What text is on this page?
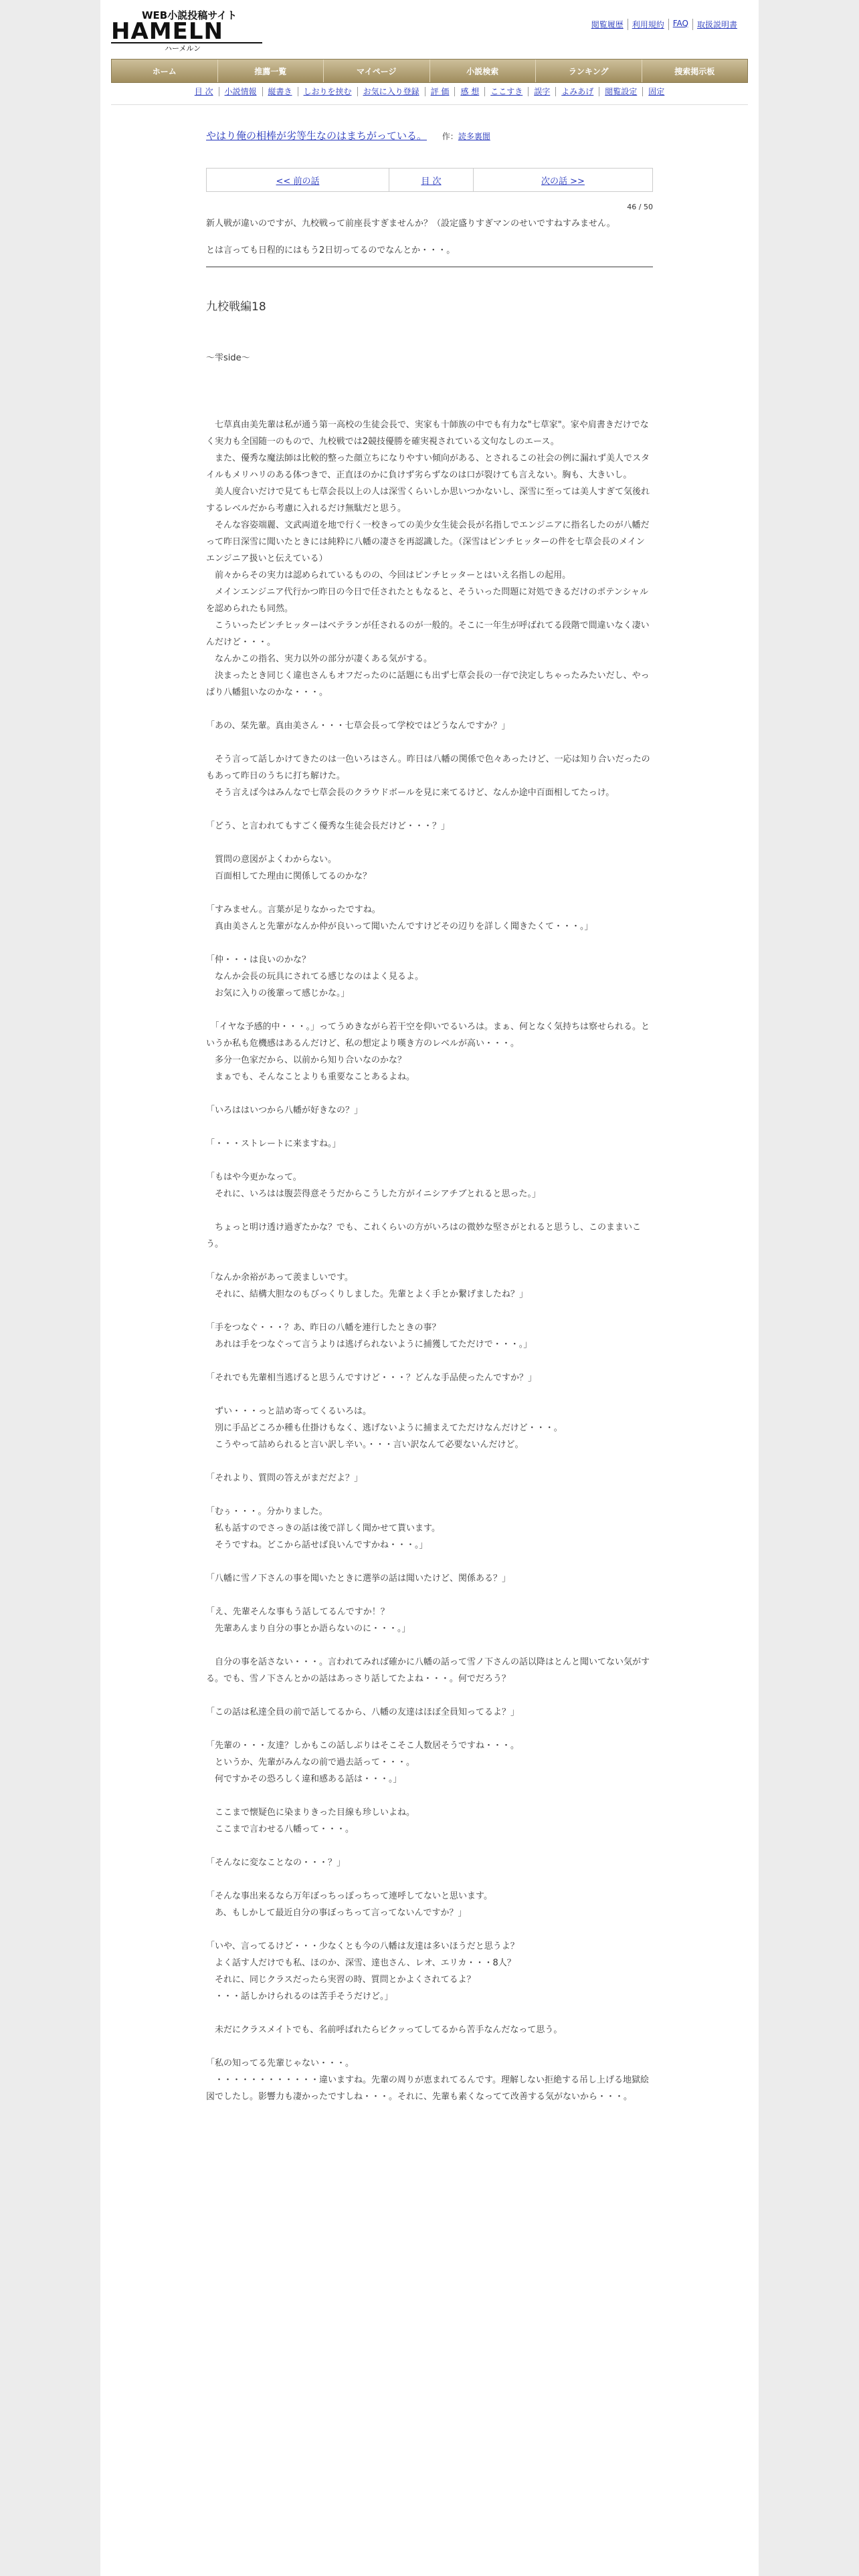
WEB小説投稿サイト
HAMELN
ハーメルン
閲覧履歴	利用規約	FAQ	取扱説明書
ホーム	推薦一覧	マイページ	小説検索	ランキング	捜索掲示板
目 次	小説情報	縦書き	しおりを挟む	お気に入り登録	評 価	感 想	ここすき	誤字	よみあげ	閲覧設定	固定
やはり俺の相棒が劣等生なのはまちがっている。 作：読多裏闇
<< 前の話	目 次	次の話 >>
46 / 50

新人戦が違いのですが、九校戦って前座長すぎませんか？（設定盛りすぎマンのせいですねすみません。

とは言っても日程的にはもう2日切ってるのでなんとか・・・。

九校戦編18

〜雫side〜

　七草真由美先輩は私が通う第一高校の生徒会長で、実家も十師族の中でも有力な"七草家"。家や肩書きだけでなく実力も全国随一のもので、九校戦では2競技優勝を確実視されている文句なしのエース。

　また、優秀な魔法師は比較的整った顔立ちになりやすい傾向がある、とされるこの社会の例に漏れず美人でスタイルもメリハリのある体つきで、正直ほのかに負けず劣らずなのは口が裂けても言えない。胸も、大きいし。

　美人度合いだけで見ても七草会長以上の人は深雪くらいしか思いつかないし、深雪に至っては美人すぎて気後れするレベルだから考慮に入れるだけ無駄だと思う。

　そんな容姿端麗、文武両道を地で行く一校きっての美少女生徒会長が名指しでエンジニアに指名したのが八幡だって昨日深雪に聞いたときには純粋に八幡の凄さを再認識した。（深雪はピンチヒッターの件を七草会長のメインエンジニア扱いと伝えている）

　前々からその実力は認められているものの、今回はピンチヒッターとはいえ名指しの起用。

　メインエンジニア代行かつ昨日の今日で任されたともなると、そういった問題に対処できるだけのポテンシャルを認められたも同然。

　こういったピンチヒッターはベテランが任されるのが一般的。そこに一年生が呼ばれてる段階で間違いなく凄いんだけど・・・。

　なんかこの指名、実力以外の部分が凄くある気がする。

　決まったとき同じく違也さんもオフだったのに話題にも出ず七草会長の一存で決定しちゃったみたいだし、やっぱり八幡狙いなのかな・・・。

「あの、栞先輩。真由美さん・・・七草会長って学校ではどうなんですか？」

　そう言って話しかけてきたのは一色いろはさん。昨日は八幡の関係で色々あったけど、一応は知り合いだったのもあって昨日のうちに打ち解けた。

　そう言えば今はみんなで七草会長のクラウドボールを見に来てるけど、なんか途中百面相してたっけ。

「どう、と言われてもすごく優秀な生徒会長だけど・・・？」

　質問の意図がよくわからない。

　百面相してた理由に関係してるのかな？

「すみません。言葉が足りなかったですね。

　真由美さんと先輩がなんか仲が良いって聞いたんですけどその辺りを詳しく聞きたくて・・・。」

「仲・・・は良いのかな？

　なんか会長の玩具にされてる感じなのはよく見るよ。

　お気に入りの後輩って感じかな。」

　「イヤな予感的中・・・。」ってうめきながら若干空を仰いでるいろは。まぁ、何となく気持ちは察せられる。というか私も危機感はあるんだけど、私の想定より嘆き方のレベルが高い・・・。

　多分一色家だから、以前から知り合いなのかな？

　まぁでも、そんなことよりも重要なことあるよね。

「いろははいつから八幡が好きなの？」

「・・・ストレートに来ますね。」

「もはや今更かなって。

　それに、いろはは腹芸得意そうだからこうした方がイニシアチブとれると思った。」

　ちょっと明け透け過ぎたかな？でも、これくらいの方がいろはの微妙な堅さがとれると思うし、このままいこう。

「なんか余裕があって羨ましいです。

　それに、結構大胆なのもびっくりしました。先輩とよく手とか繋げましたね？」

「手をつなぐ・・・？あ、昨日の八幡を連行したときの事？

　あれは手をつなぐって言うよりは逃げられないように捕獲してただけで・・・。」

「それでも先輩相当逃げると思うんですけど・・・？どんな手品使ったんですか？」

　ずい・・・っと詰め寄ってくるいろは。

　別に手品どころか種も仕掛けもなく、逃げないように捕まえてただけなんだけど・・・。

　こうやって詰められると言い訳し辛い。・・・言い訳なんて必要ないんだけど。

「それより、質問の答えがまだだよ？」

「むぅ・・・。分かりました。

　私も話すのでさっきの話は後で詳しく聞かせて貰います。

　そうですね。どこから話せば良いんですかね・・・。」

「八幡に雪ノ下さんの事を聞いたときに選挙の話は聞いたけど、関係ある？」

「え、先輩そんな事もう話してるんですか！？

　先輩あんまり自分の事とか語らないのに・・・。」

　自分の事を話さない・・・。言われてみれば確かに八幡の話って雪ノ下さんの話以降はとんと聞いてない気がする。でも、雪ノ下さんとかの話はあっさり話してたよね・・・。何でだろう？

「この話は私達全員の前で話してるから、八幡の友達はほぼ全員知ってるよ？」

「先輩の・・・友達？しかもこの話しぶりはそこそこ人数居そうですね・・・。

　というか、先輩がみんなの前で過去話って・・・。

　何ですかその恐ろしく違和感ある話は・・・。」

　ここまで懐疑色に染まりきった目線も珍しいよね。

　ここまで言わせる八幡って・・・。

「そんなに変なことなの・・・？」

「そんな事出来るなら万年ぼっちっぽっちって連呼してないと思います。

　あ、もしかして最近自分の事ぼっちって言ってないんですか？」

「いや、言ってるけど・・・少なくとも今の八幡は友達は多いほうだと思うよ？

　よく話す人だけでも私、ほのか、深雪、達也さん、レオ、エリカ・・・8人？

　それに、同じクラスだったら実習の時、質問とかよくされてるよ？

　・・・話しかけられるのは苦手そうだけど。」

　未だにクラスメイトでも、名前呼ばれたらビクッってしてるから苦手なんだなって思う。

「私の知ってる先輩じゃない・・・。

　・・・・・・・・・・・・違いますね。先輩の周りが恵まれてるんです。理解しない拒絶する吊し上げる地獄絵図でしたし。影響力も凄かったですしね・・・。それに、先輩も素くなってて改善する気がないから・・・。
